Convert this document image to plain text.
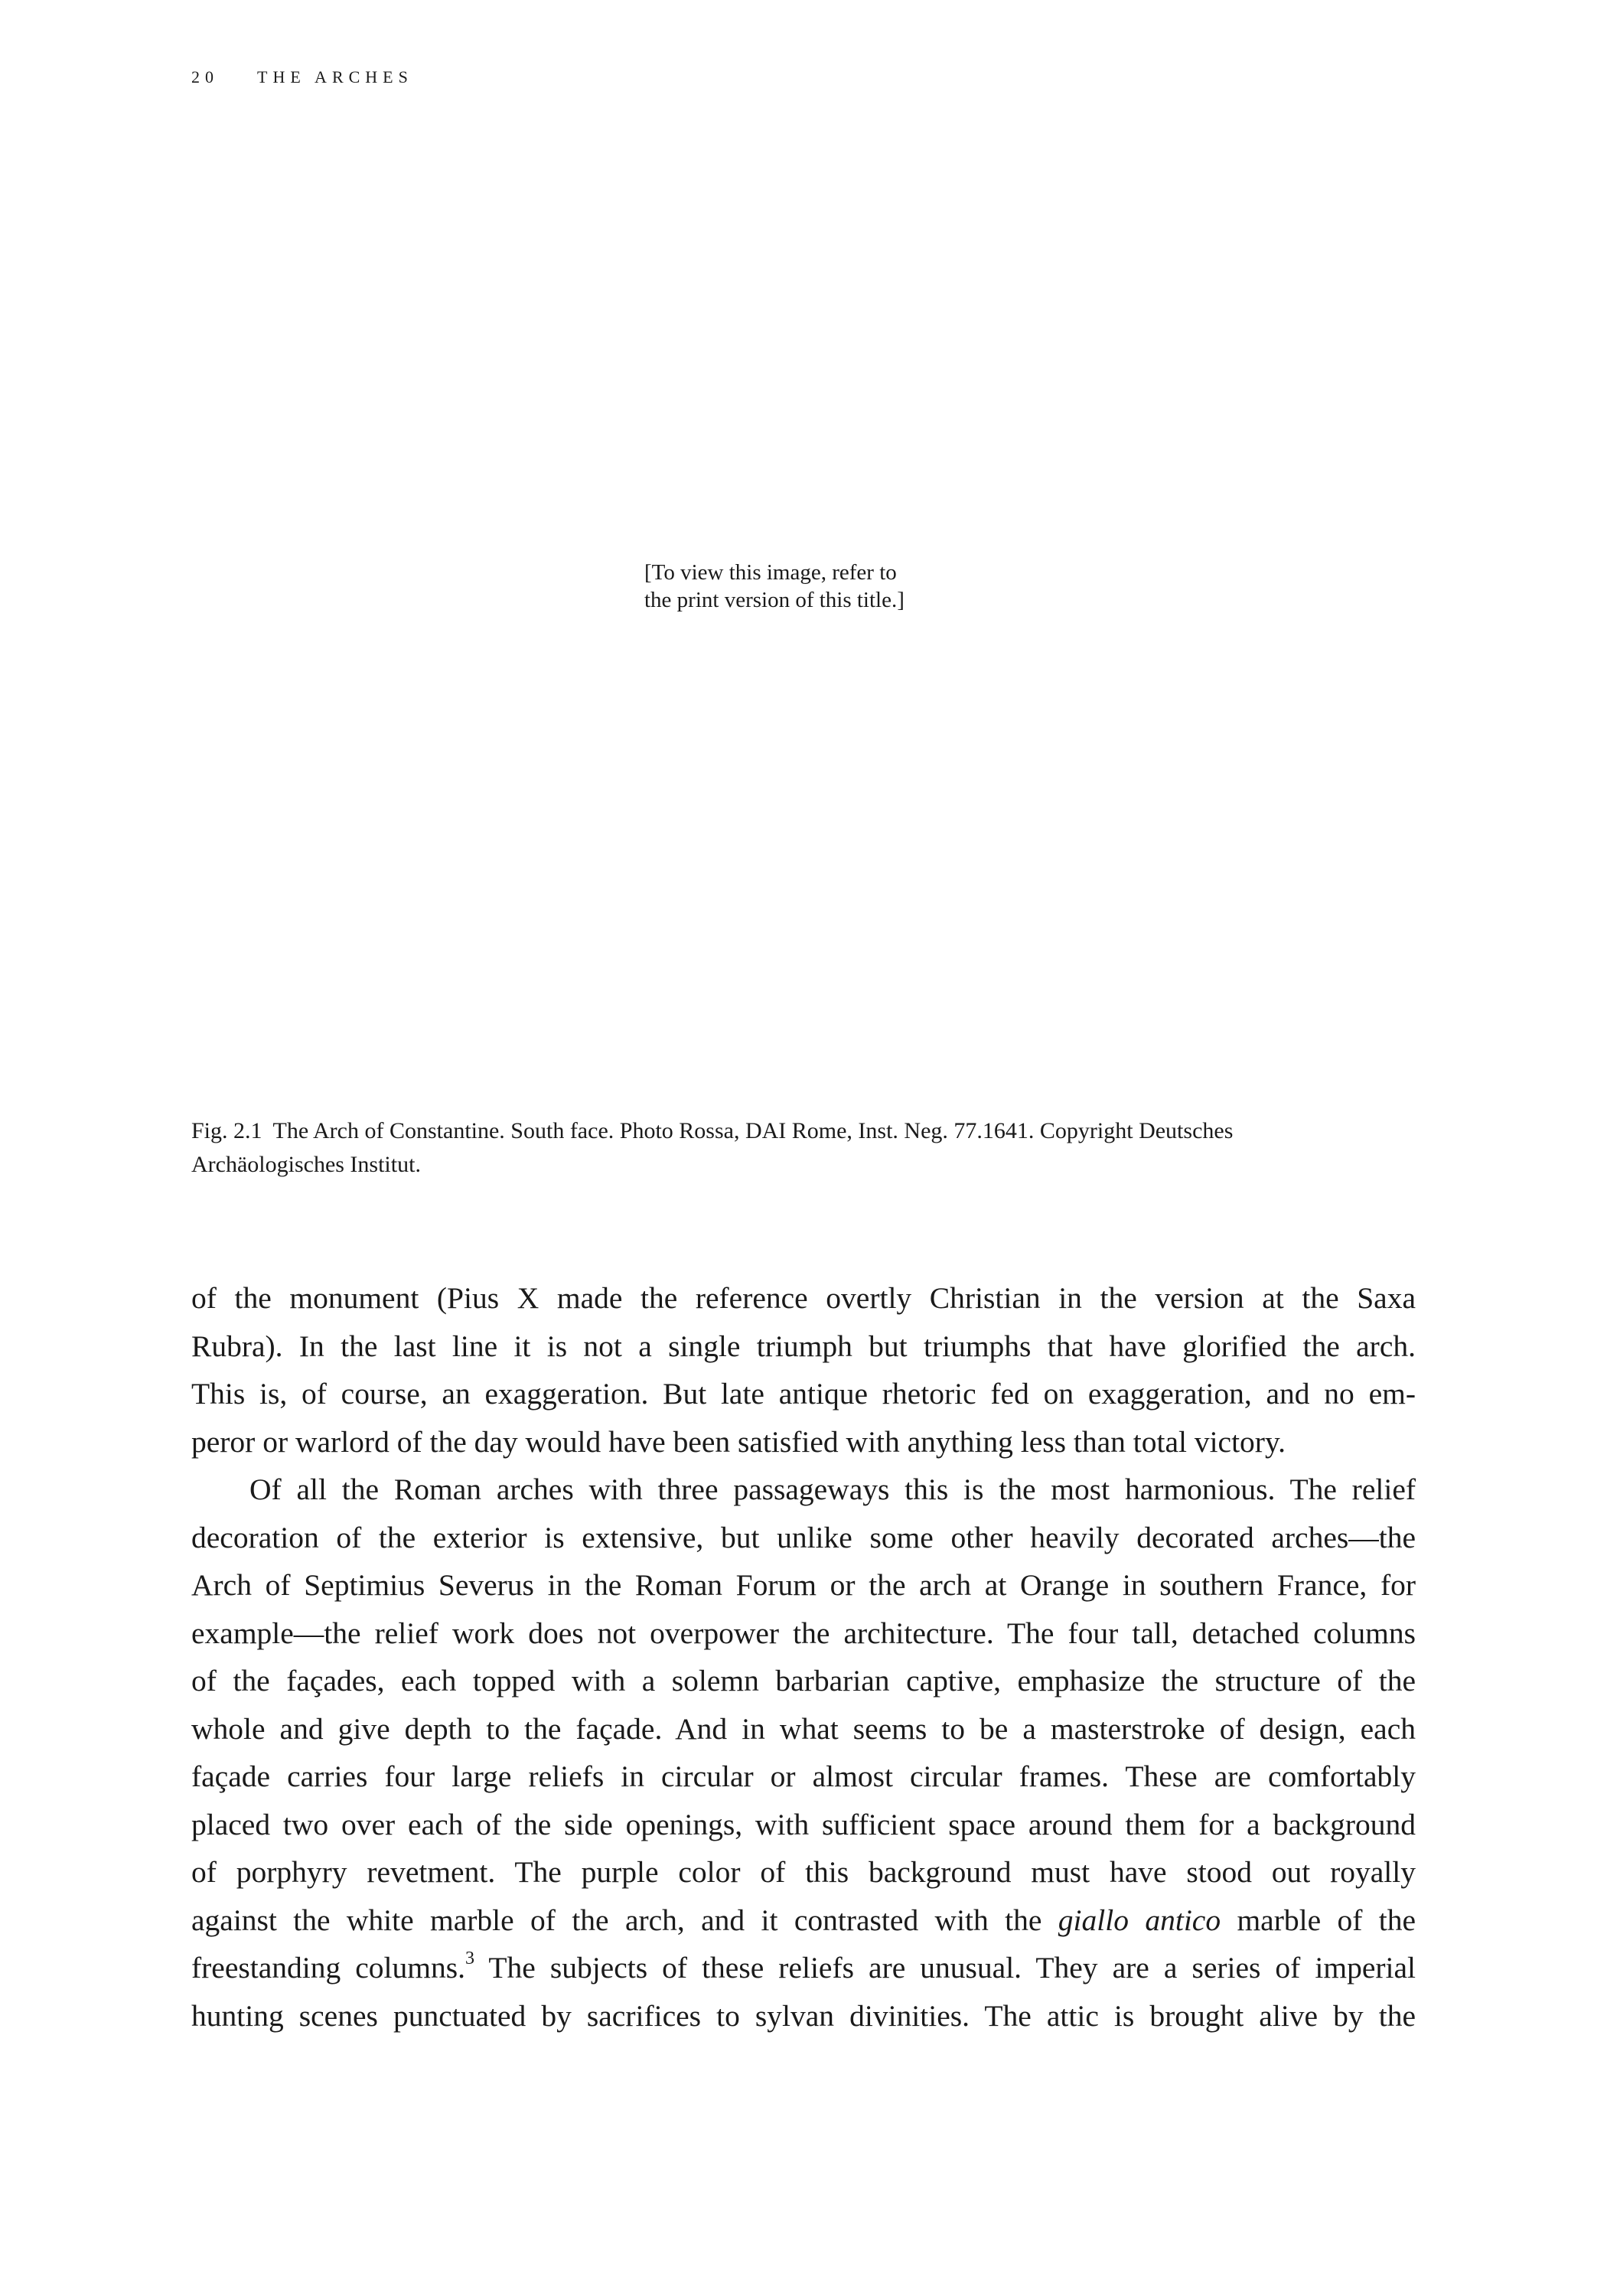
20 THE ARCHES
[To view this image, refer to
the print version of this title.]
Fig. 2.1 The Arch of Constantine. South face. Photo Rossa, DAI Rome, Inst. Neg. 77.1641. Copyright Deutsches
Archäologisches Institut.
of the monument (Pius X made the reference overtly Christian in the version at the Saxa
Rubra). In the last line it is not a single triumph but triumphs that have glorified the arch.
This is, of course, an exaggeration. But late antique rhetoric fed on exaggeration, and no em-
peror or warlord of the day would have been satisfied with anything less than total victory.
Of all the Roman arches with three passageways this is the most harmonious. The relief
decoration of the exterior is extensive, but unlike some other heavily decorated arches—the
Arch of Septimius Severus in the Roman Forum or the arch at Orange in southern France, for
example—the relief work does not overpower the architecture. The four tall, detached columns
of the façades, each topped with a solemn barbarian captive, emphasize the structure of the
whole and give depth to the façade. And in what seems to be a masterstroke of design, each
façade carries four large reliefs in circular or almost circular frames. These are comfortably
placed two over each of the side openings, with sufficient space around them for a background
of porphyry revetment. The purple color of this background must have stood out royally
against the white marble of the arch, and it contrasted with the giallo antico marble of the
freestanding columns.$^3$ The subjects of these reliefs are unusual. They are a series of imperial
hunting scenes punctuated by sacrifices to sylvan divinities. The attic is brought alive by the
